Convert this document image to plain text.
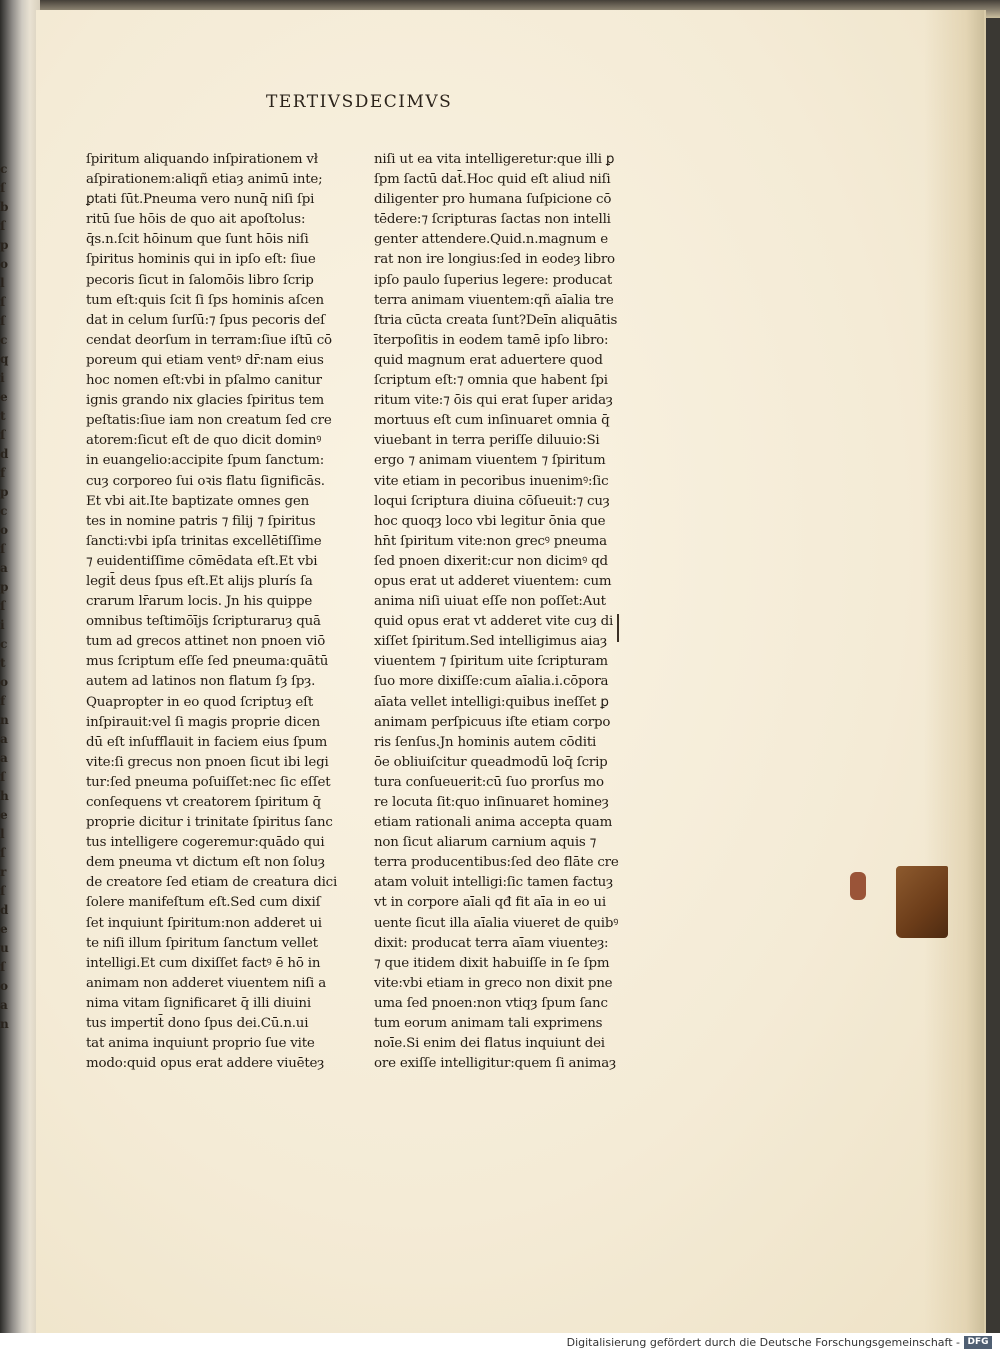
c
ſ
b
ſ
p
o
l
ſ
ſ
c
q
i
e
t
ſ
d
f
p
c
o
ſ
a
p
ſ
i
c
t
o
f
n
a
a
ſ
h
e
l
ſ
r
ſ
d
e
u
ſ
o
a
n
TERTIVSDECIMVS
ſpiritum aliquando inſpirationem vł
aſpirationem:aliqñ etiaȝ animū inte;
ꝑtati ſūt.Pneuma vero nunq̄ niſi ſpi
ritū ſue hōis de quo ait apoſtolus:
q̄s.n.ſcit hōinum que ſunt hōis niſi
ſpiritus hominis qui in ipſo eſt: ſiue
pecoris ſicut in ſalomōis libro ſcrip
tum eſt:quis ſcit ſi ſps hominis aſcen
dat in celum ſurſū:⁊ ſpus pecoris deſ
cendat deorſum in terram:ſiue iſtū cō
poreum qui etiam ventꝰ dr̄:nam eius
hoc nomen eſt:vbi in pſalmo canitur
ignis grando nix glacies ſpiritus tem
peſtatis:ſiue iam non creatum ſed cre
atorem:ſicut eſt de quo dicit dominꝰ
in euangelio:accipite ſpum ſanctum:
cuȝ corporeo ſui oꝛis flatu ſignificās.
Et vbi ait.Ite baptizate omnes gen
tes in nomine patris ⁊ filij ⁊ ſpiritus
ſancti:vbi ipſa trinitas excellētiſſime
⁊ euidentiſſime cōmēdata eſt.Et vbi
legit̄ deus ſpus eſt.Et alijs plurís ſa
crarum lr̄arum locis. Jn his quippe
omnibus teſtimōījs ſcripturaruȝ quā
tum ad grecos attinet non pnoen viō
mus ſcriptum eſſe ſed pneuma:quātū
autem ad latinos non flatum ſȝ ſpȝ.
Quapropter in eo quod ſcriptuȝ eſt
inſpirauit:vel ſi magis proprie dicen
dū eſt inſufflauit in faciem eius ſpum
vite:ſi grecus non pnoen ſicut ibi legi
tur:ſed pneuma poſuiſſet:nec ſic eſſet
conſequens vt creatorem ſpiritum q̄
proprie dicitur i trinitate ſpiritus ſanc
tus intelligere cogeremur:quādo qui
dem pneuma vt dictum eſt non ſoluȝ
de creatore ſed etiam de creatura dici
ſolere manifeſtum eſt.Sed cum dixiſ
ſet inquiunt ſpiritum:non adderet ui
te niſi illum ſpiritum ſanctum vellet
intelligi.Et cum dixiſſet factꝰ ē hō in
animam non adderet viuentem niſi a
nima vitam ſignificaret q̄ illi diuini
tus impertit̄ dono ſpus dei.Cū.n.ui
tat anima inquiunt proprio ſue vite
modo:quid opus erat addere viuēteȝ
niſi ut ea vita intelligeretur:que illi ꝑ
ſpm ſactū dat̄.Hoc quid eſt aliud niſi
diligenter pro humana ſuſpicione cō
tēdere:⁊ ſcripturas ſactas non intelli
genter attendere.Quid.n.magnum e
rat non ire longius:ſed in eodeȝ libro
ipſo paulo ſuperius legere: producat
terra animam viuentem:qñ aīalia tre
ſtria cūcta creata ſunt?Deīn aliquātis
īterpoſitis in eodem tamē ipſo libro:
quid magnum erat aduertere quod
ſcriptum eſt:⁊ omnia que habent ſpi
ritum vite:⁊ ōis qui erat ſuper aridaȝ
mortuus eſt cum inſinuaret omnia q̄
viuebant in terra periſſe diluuio:Si
ergo ⁊ animam viuentem ⁊ ſpiritum
vite etiam in pecoribus inuenimꝰ:ſic
loqui ſcriptura diuina cōſueuit:⁊ cuȝ
hoc quoqȝ loco vbi legitur ōnia que
hn̄t ſpiritum vite:non grecꝰ pneuma
ſed pnoen dixerit:cur non dicimꝰ qd
opus erat ut adderet viuentem: cum
anima niſi uiuat eſſe non poſſet:Aut
quid opus erat vt adderet vite cuȝ di
xiſſet ſpiritum.Sed intelligimus aiaȝ
viuentem ⁊ ſpiritum uite ſcripturam
ſuo more dixiſſe:cum aīalia.i.cōpora
aīata vellet intelligi:quibus ineſſet ꝑ
animam perſpicuus iſte etiam corpo
ris ſenſus.Jn hominis autem cōditi
ōe obliuiſcitur queadmodū loq̄ ſcrip
tura conſueuerit:cū ſuo prorſus mo
re locuta ſit:quo inſinuaret homineȝ
etiam rationali anima accepta quam
non ſicut aliarum carnium aquis ⁊
terra producentibus:ſed deo flāte cre
atam voluit intelligi:ſic tamen factuȝ
vt in corpore aīali qđ fit aīa in eo ui
uente ſicut illa aīalia viueret de quibꝰ
dixit: producat terra aīam viuenteȝ:
⁊ que itidem dixit habuiſſe in ſe ſpm
vite:vbi etiam in greco non dixit pne
uma ſed pnoen:non vtiqȝ ſpum ſanc
tum eorum animam tali exprimens
noīe.Si enim dei flatus inquiunt dei
ore exiſſe intelligitur:quem ſi animaȝ
Digitalisierung gefördert durch die Deutsche Forschungsgemeinschaft - DFG
